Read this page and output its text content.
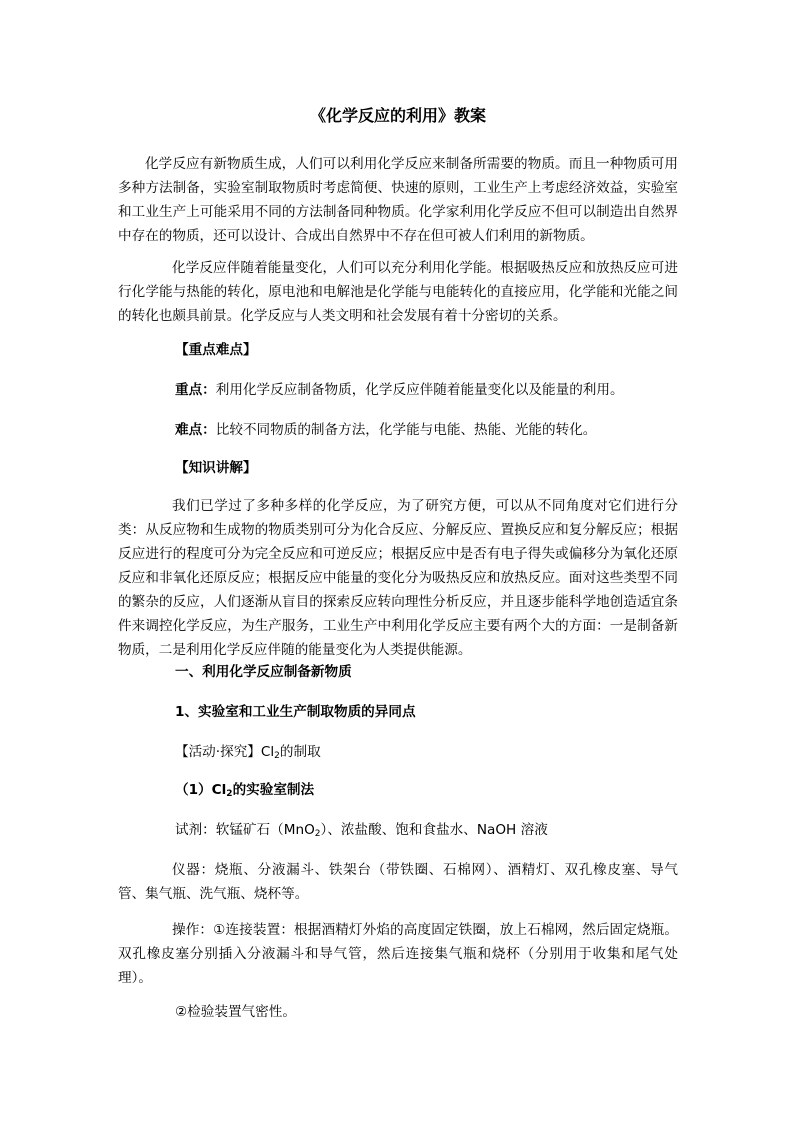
《化学反应的利用》教案
化学反应有新物质生成，人们可以利用化学反应来制备所需要的物质。而且一种物质可用多种方法制备，实验室制取物质时考虑简便、快速的原则，工业生产上考虑经济效益，实验室和工业生产上可能采用不同的方法制备同种物质。化学家利用化学反应不但可以制造出自然界中存在的物质，还可以设计、合成出自然界中不存在但可被人们利用的新物质。
化学反应伴随着能量变化，人们可以充分利用化学能。根据吸热反应和放热反应可进行化学能与热能的转化，原电池和电解池是化学能与电能转化的直接应用，化学能和光能之间的转化也颇具前景。化学反应与人类文明和社会发展有着十分密切的关系。
【重点难点】
重点：利用化学反应制备物质，化学反应伴随着能量变化以及能量的利用。
难点：比较不同物质的制备方法，化学能与电能、热能、光能的转化。
【知识讲解】
我们已学过了多种多样的化学反应，为了研究方便，可以从不同角度对它们进行分类：从反应物和生成物的物质类别可分为化合反应、分解反应、置换反应和复分解反应；根据反应进行的程度可分为完全反应和可逆反应；根据反应中是否有电子得失或偏移分为氧化还原反应和非氧化还原反应；根据反应中能量的变化分为吸热反应和放热反应。面对这些类型不同的繁杂的反应，人们逐渐从盲目的探索反应转向理性分析反应，并且逐步能科学地创造适宜条件来调控化学反应，为生产服务，工业生产中利用化学反应主要有两个大的方面：一是制备新物质，二是利用化学反应伴随的能量变化为人类提供能源。
一、利用化学反应制备新物质
1、实验室和工业生产制取物质的异同点
【活动·探究】$Cl_2$的制取
$(1)Cl_2$的实验室制法
试剂：软锰矿石（MnO$_2$）、浓盐酸、饱和食盐水、NaOH 溶液
仪器：烧瓶、分液漏斗、铁架台（带铁圈、石棉网）、酒精灯、双孔橡皮塞、导气管、集气瓶、洗气瓶、烧杯等。
操作：①连接装置：根据酒精灯外焰的高度固定铁圈，放上石棉网，然后固定烧瓶。双孔橡皮塞分别插入分液漏斗和导气管，然后连接集气瓶和烧杯（分别用于收集和尾气处理）。
②检验装置气密性。
